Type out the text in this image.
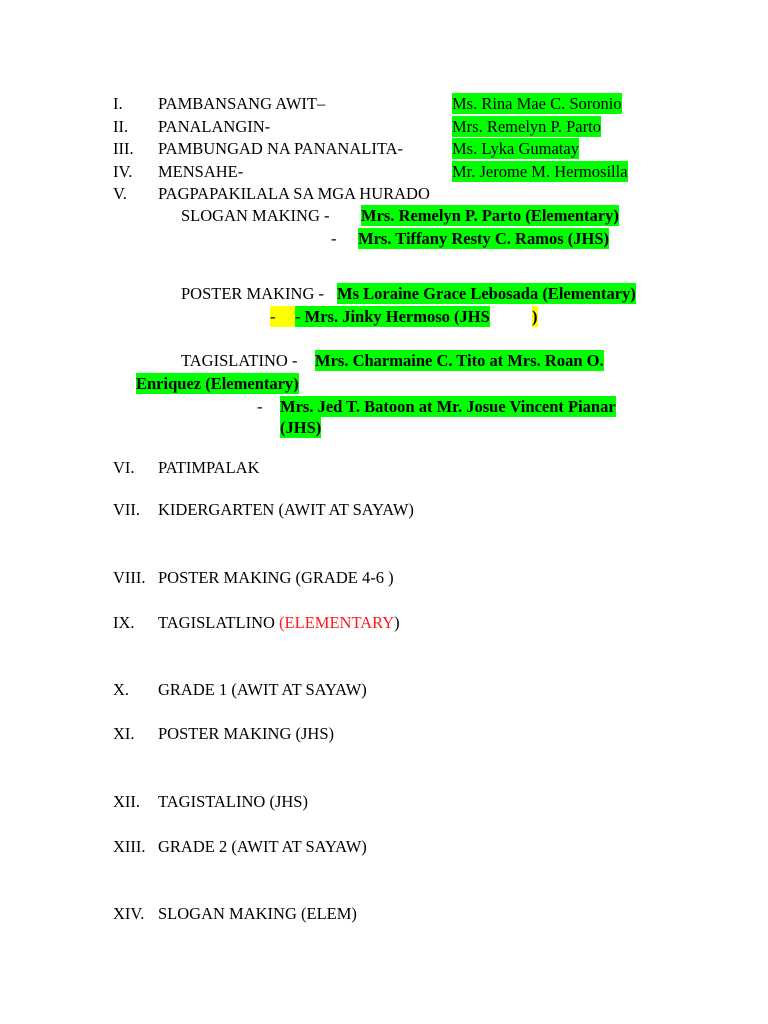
I. PAMBANSANG AWIT–	Ms. Rina Mae C. Soronio
II. PANALANGIN-	Mrs. Remelyn P. Parto
III. PAMBUNGAD NA PANANALITA-	Ms. Lyka Gumatay
IV. MENSAHE-	Mr. Jerome M. Hermosilla
V. PAGPAPAKILALA SA MGA HURADO
SLOGAN MAKING - Mrs. Remelyn P. Parto (Elementary)
- Mrs. Tiffany Resty C. Ramos (JHS)
POSTER MAKING - Ms Loraine Grace Lebosada (Elementary)
-	- Mrs. Jinky Hermoso (JHS	)
TAGISLATINO - Mrs. Charmaine C. Tito at Mrs. Roan O.
Enriquez (Elementary)
- Mrs. Jed T. Batoon at Mr. Josue Vincent Pianar
(JHS)
VI. PATIMPALAK
VII. KIDERGARTEN (AWIT AT SAYAW)
VIII. POSTER MAKING (GRADE 4-6 )
IX. TAGISLATLINO (ELEMENTARY)
X. GRADE 1 (AWIT AT SAYAW)
XI. POSTER MAKING (JHS)
XII. TAGISTALINO (JHS)
XIII. GRADE 2 (AWIT AT SAYAW)
XIV. SLOGAN MAKING (ELEM)
